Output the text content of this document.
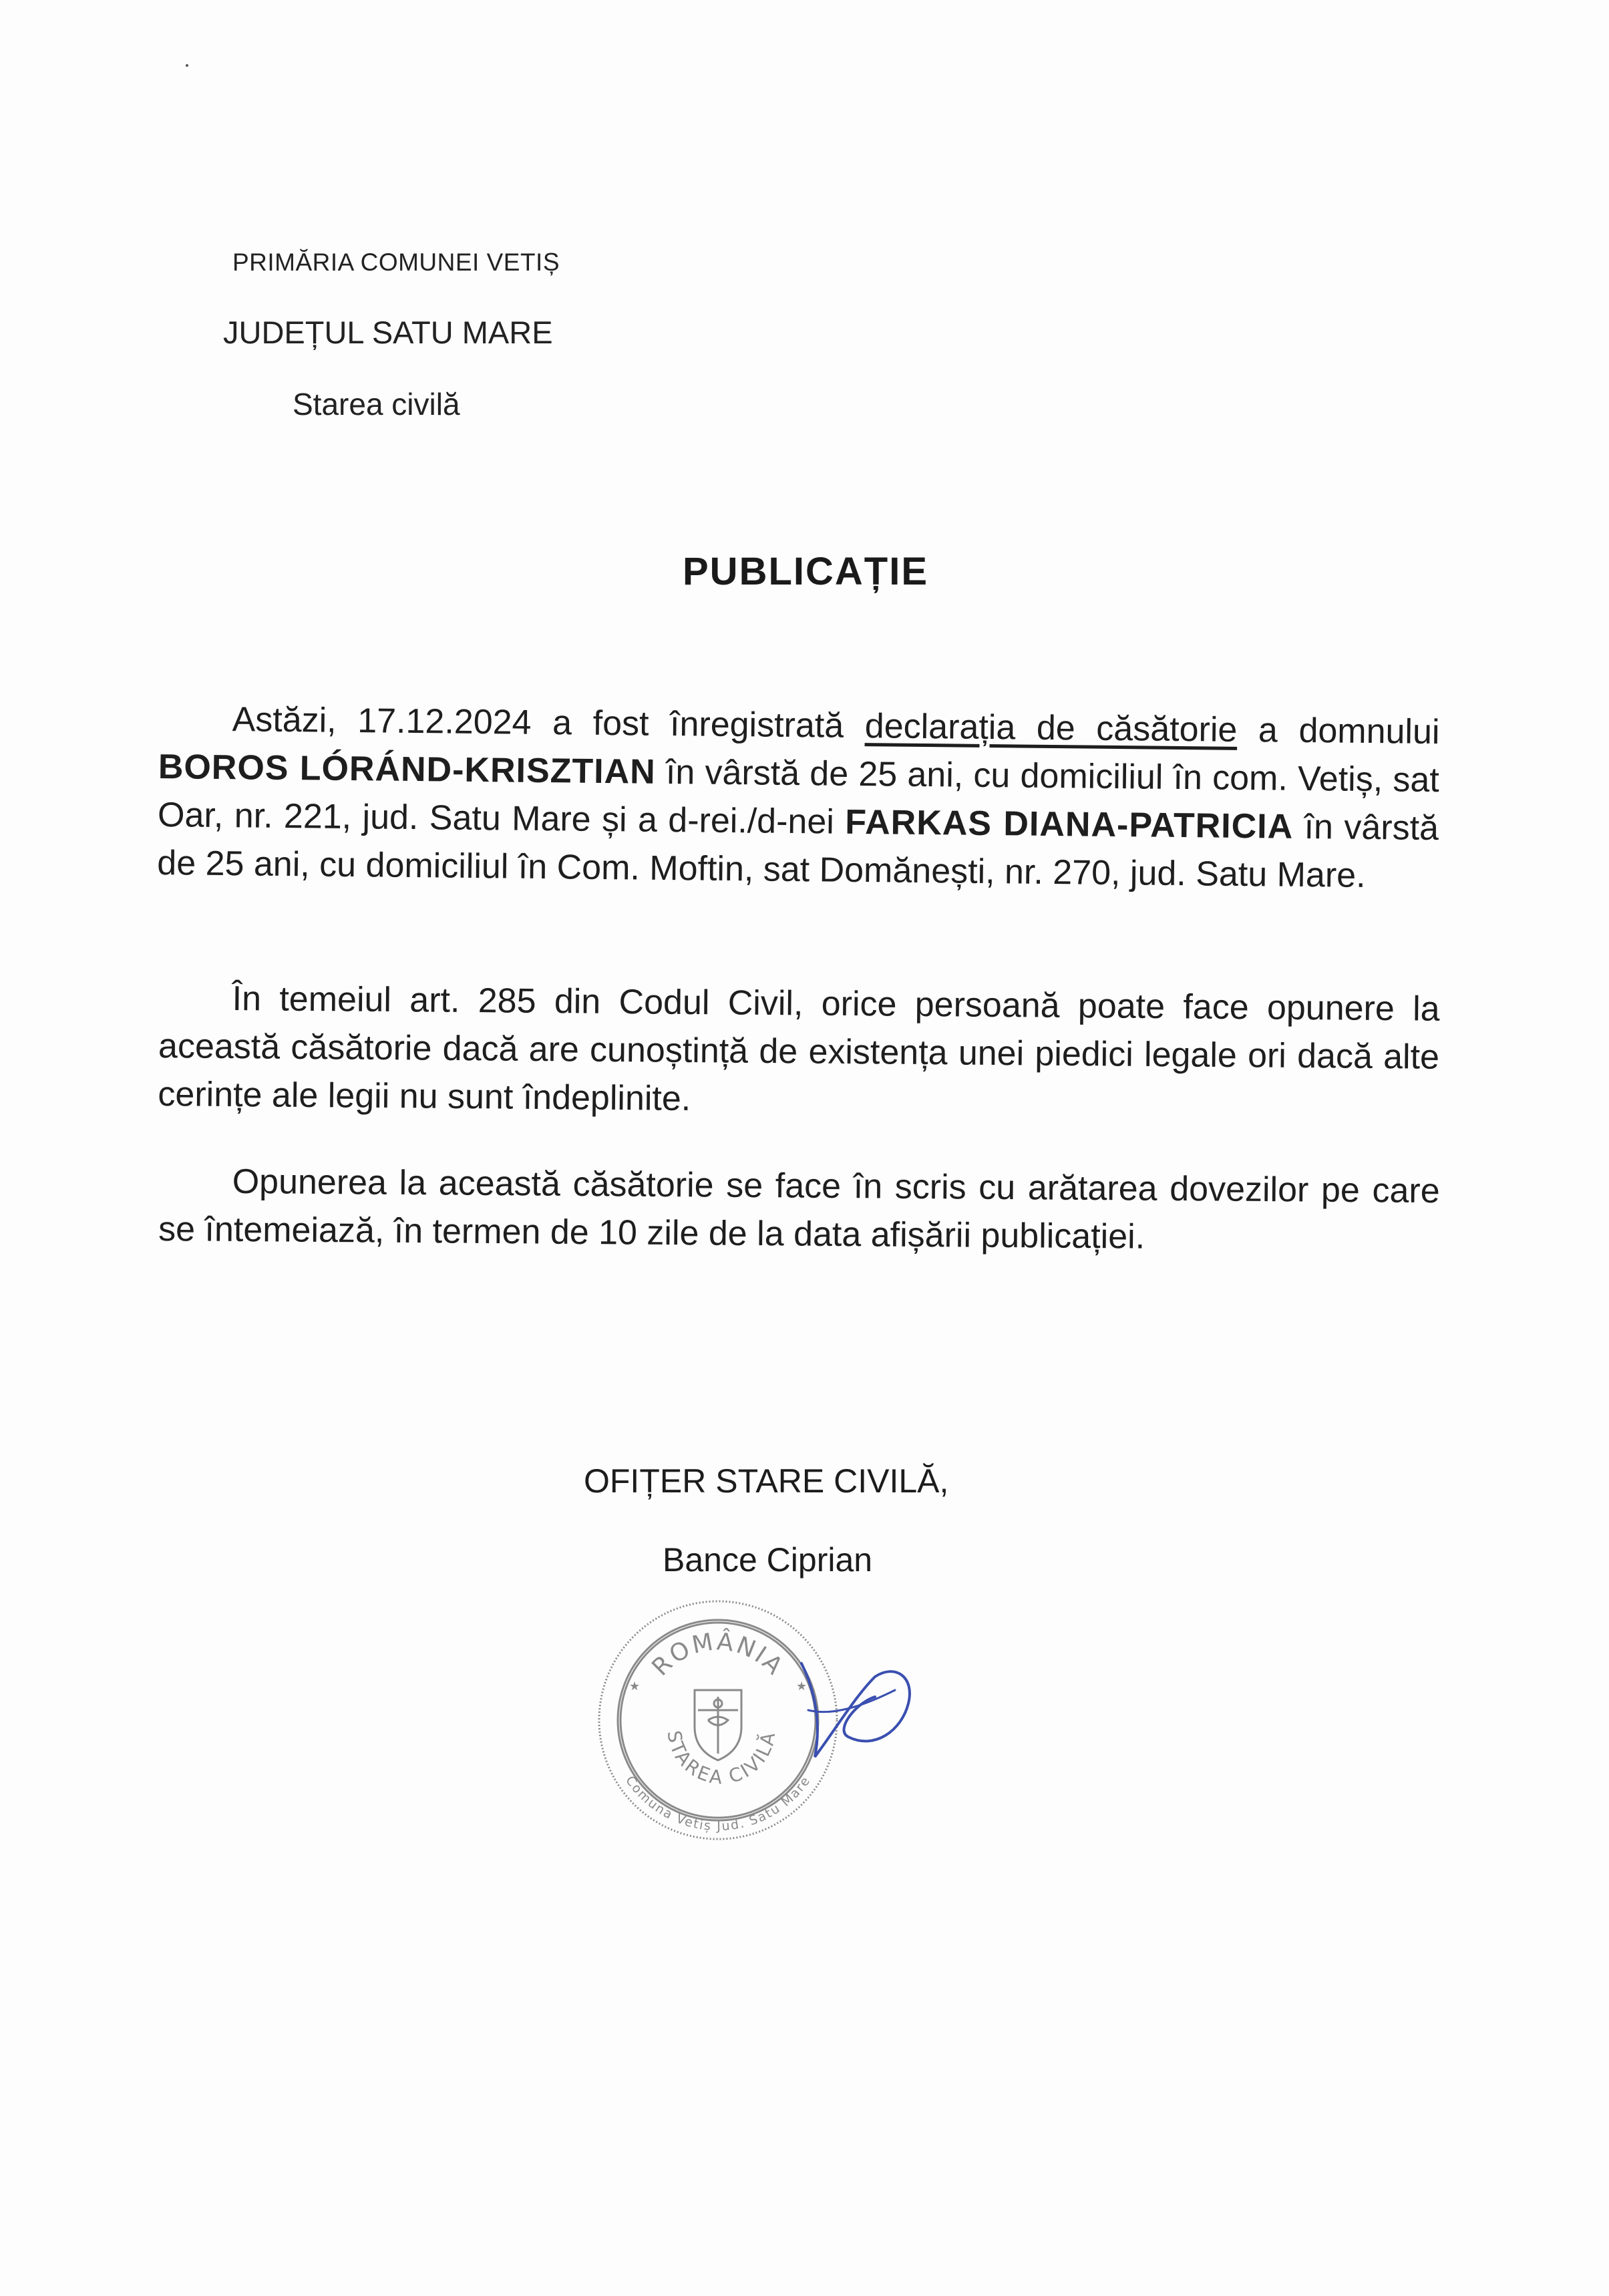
PRIMĂRIA COMUNEI VETIȘ
JUDEȚUL SATU MARE
Starea civilă
PUBLICAȚIE
Astăzi, 17.12.2024 a fost înregistrată declarația de căsătorie a domnului BOROS LÓRÁND-KRISZTIAN în vârstă de 25 ani, cu domiciliul în com. Vetiș, sat Oar, nr. 221, jud. Satu Mare și a d-rei./d-nei FARKAS DIANA-PATRICIA în vârstă de 25 ani, cu domiciliul în Com. Moftin, sat Domănești, nr. 270, jud. Satu Mare.
În temeiul art. 285 din Codul Civil, orice persoană poate face opunere la această căsătorie dacă are cunoștință de existența unei piedici legale ori dacă alte cerințe ale legii nu sunt îndeplinite.
Opunerea la această căsătorie se face în scris cu arătarea dovezilor pe care se întemeiază, în termen de 10 zile de la data afișării publicației.
OFIȚER STARE CIVILĂ,
Bance Ciprian
ROMÂNIA
STAREA CIVILĂ
Comuna Vetiș Jud. Satu Mare
★	★
